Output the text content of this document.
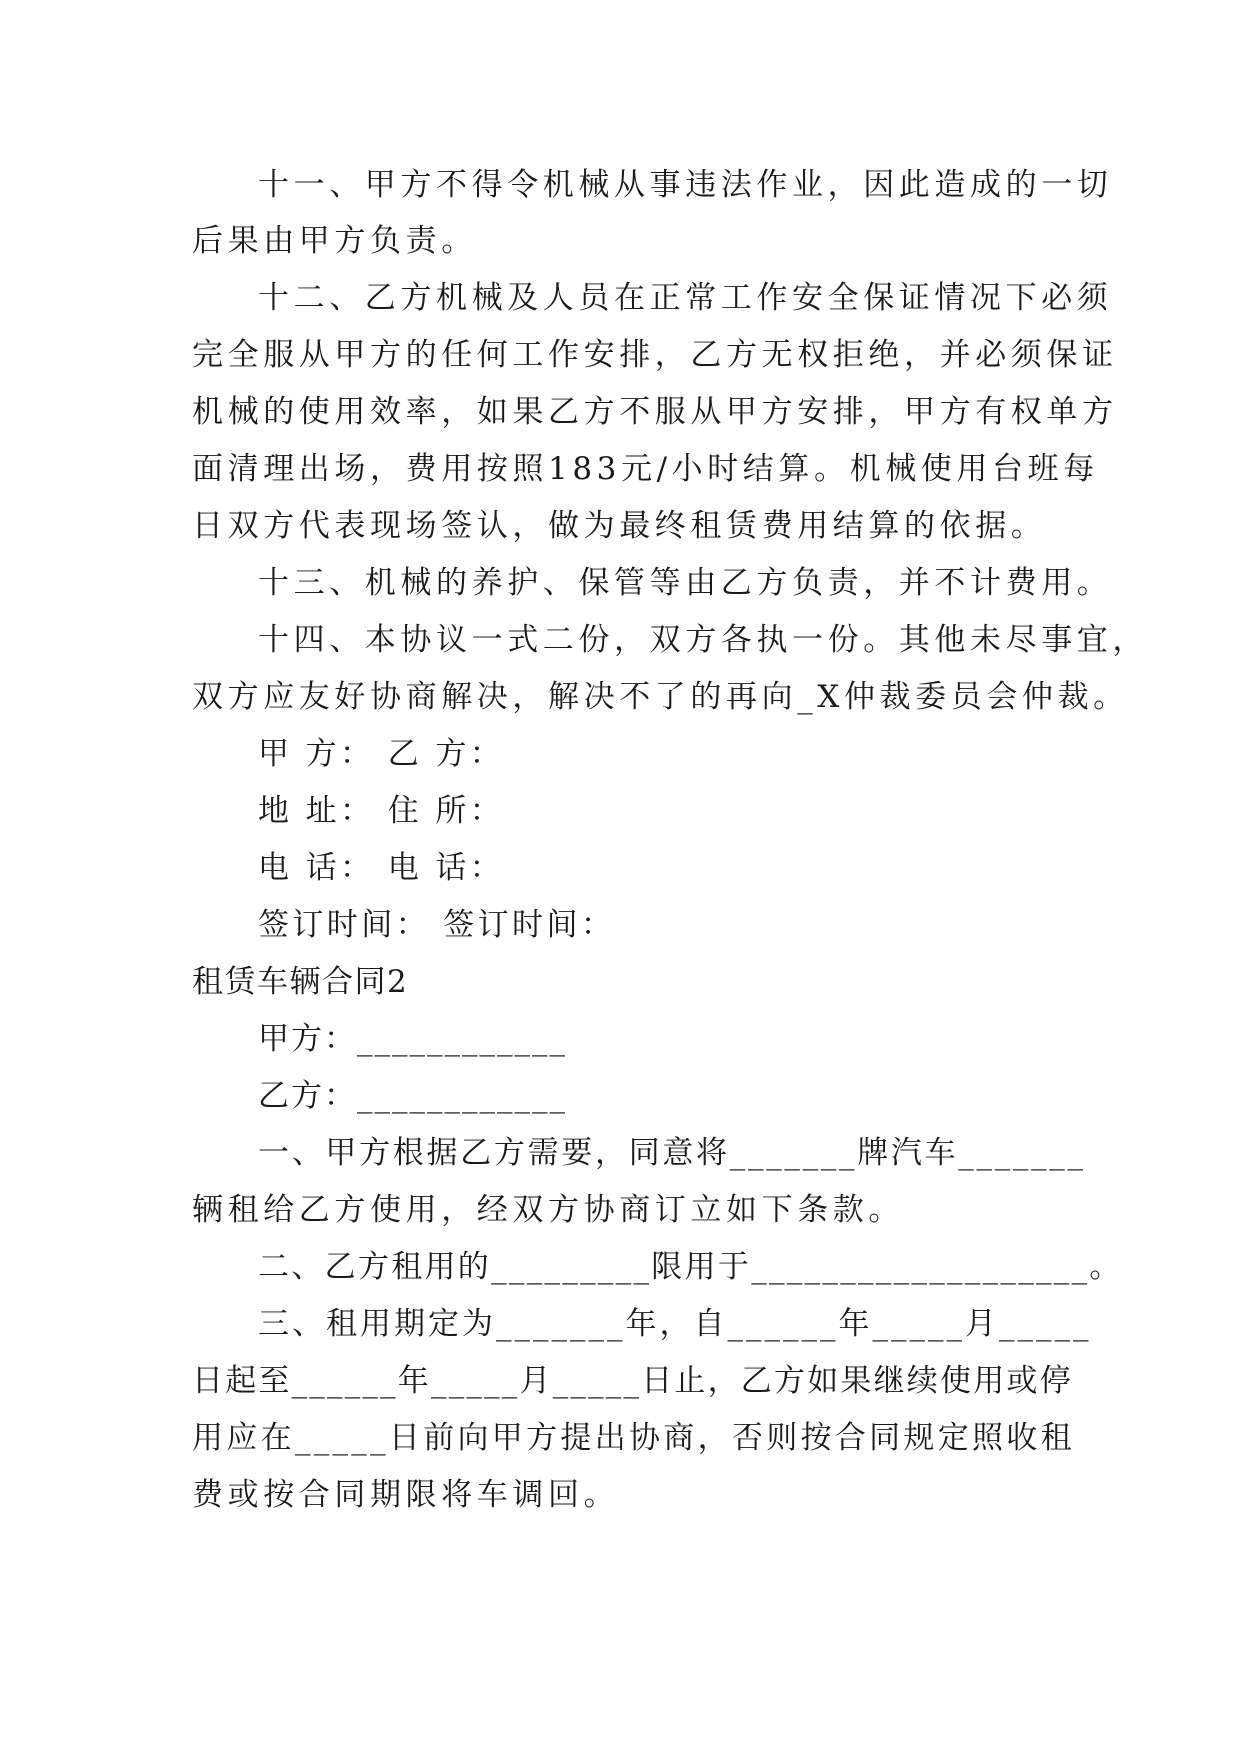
十一、甲方不得令机械从事违法作业，因此造成的一切
后果由甲方负责。
十二、乙方机械及人员在正常工作安全保证情况下必须
完全服从甲方的任何工作安排，乙方无权拒绝，并必须保证
机械的使用效率，如果乙方不服从甲方安排，甲方有权单方
面清理出场，费用按照183元/小时结算。机械使用台班每
日双方代表现场签认，做为最终租赁费用结算的依据。
十三、机械的养护、保管等由乙方负责，并不计费用。
十四、本协议一式二份，双方各执一份。其他未尽事宜，
双方应友好协商解决，解决不了的再向_X仲裁委员会仲裁。
甲 方： 乙 方：
地 址： 住 所：
电 话： 电 话：
签订时间： 签订时间：
租赁车辆合同2
甲方：____________
乙方：____________
一、甲方根据乙方需要，同意将_______牌汽车_______
辆租给乙方使用，经双方协商订立如下条款。
二、乙方租用的_________限用于___________________。
三、租用期定为_______年，自______年_____月_____
日起至______年_____月_____日止，乙方如果继续使用或停
用应在_____日前向甲方提出协商，否则按合同规定照收租
费或按合同期限将车调回。
